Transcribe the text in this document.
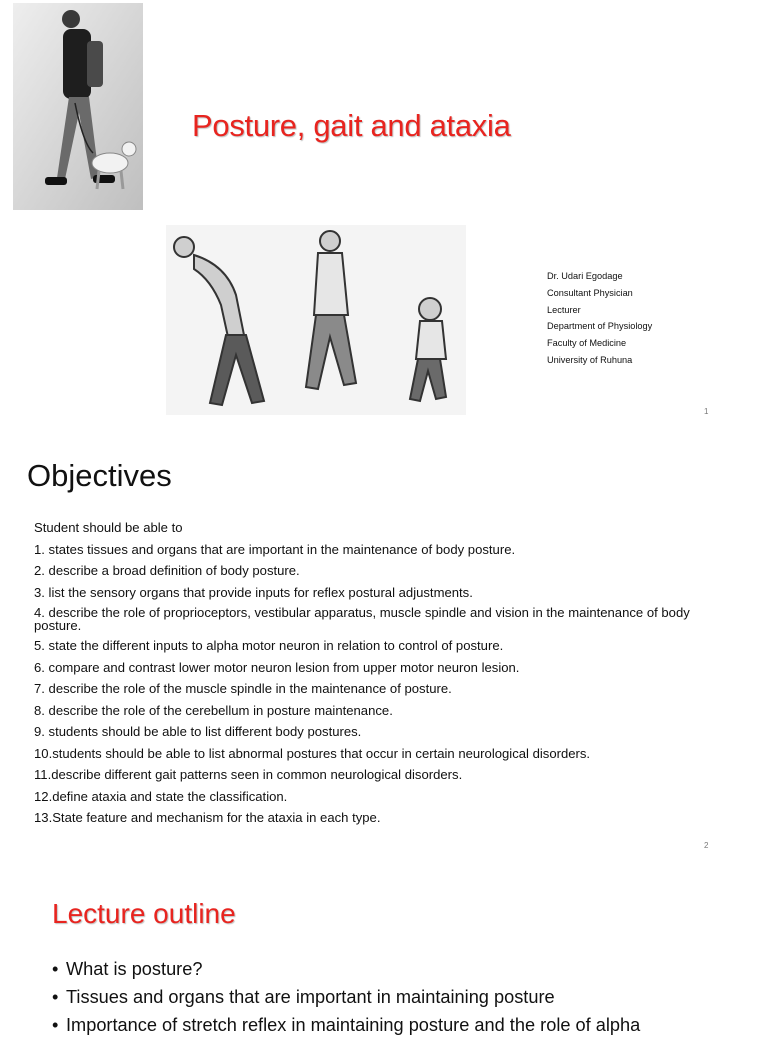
Posture, gait and ataxia
Dr. Udari Egodage
Consultant Physician
Lecturer
Department of Physiology
Faculty of Medicine
University of Ruhuna
1
Objectives
Student should be able to
1. states tissues and organs that are important in the maintenance of body posture.
2. describe a broad definition of body posture.
3. list the sensory organs that provide inputs for reflex postural adjustments.
4. describe the role of proprioceptors, vestibular apparatus, muscle spindle and vision in the maintenance of body posture.
5. state the different inputs to alpha motor neuron in relation to control of posture.
6. compare and contrast lower motor neuron lesion from upper motor neuron lesion.
7. describe the role of the muscle spindle in the maintenance of posture.
8. describe the role of the cerebellum in posture maintenance.
9. students should be able to list different body postures.
10.students should be able to list abnormal postures that occur in certain neurological disorders.
11.describe different gait patterns seen in common neurological disorders.
12.define ataxia and state the classification.
13.State feature and mechanism for the ataxia in each type.
2
Lecture outline
• What is posture?
• Tissues and organs that are important in maintaining posture
• Importance of stretch reflex in maintaining posture and the role of alpha
